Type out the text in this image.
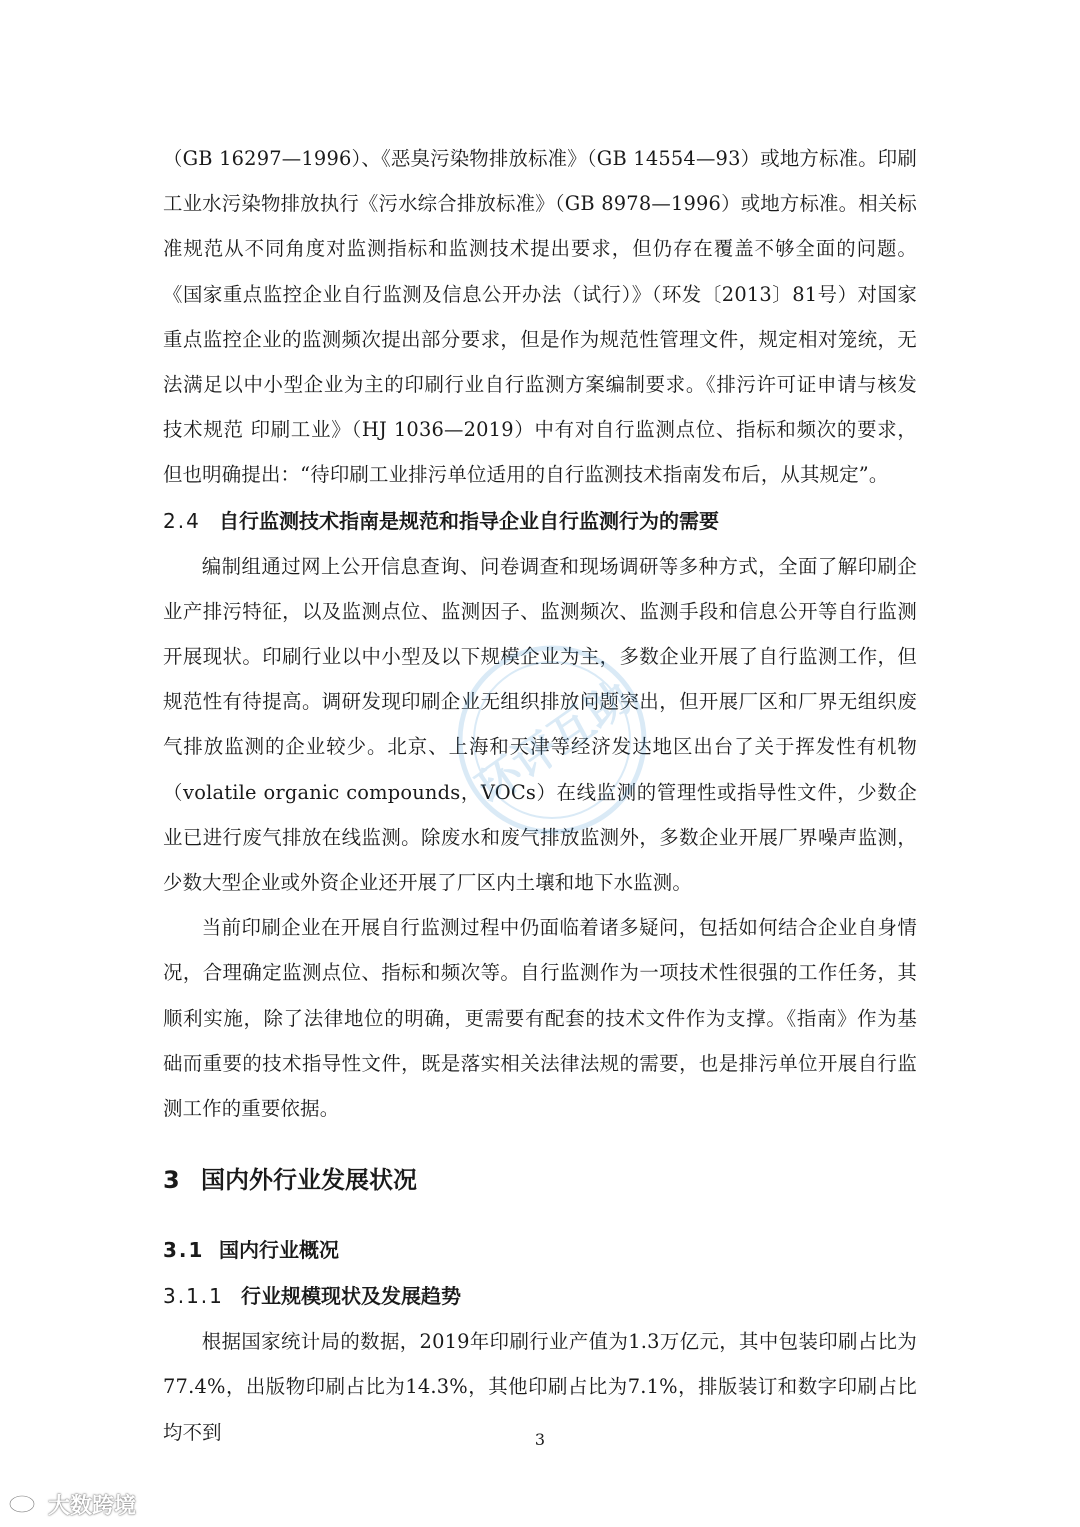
（GB 16297—1996）、《恶臭污染物排放标准》（GB 14554—93）或地方标准。印刷工业水污染物排放执行《污水综合排放标准》（GB 8978—1996）或地方标准。相关标准规范从不同角度对监测指标和监测技术提出要求，但仍存在覆盖不够全面的问题。《国家重点监控企业自行监测及信息公开办法（试行）》（环发〔2013〕81号）对国家重点监控企业的监测频次提出部分要求，但是作为规范性管理文件，规定相对笼统，无法满足以中小型企业为主的印刷行业自行监测方案编制要求。《排污许可证申请与核发技术规范 印刷工业》（HJ 1036—2019）中有对自行监测点位、指标和频次的要求，但也明确提出：“待印刷工业排污单位适用的自行监测技术指南发布后，从其规定”。

2.4 自行监测技术指南是规范和指导企业自行监测行为的需要

编制组通过网上公开信息查询、问卷调查和现场调研等多种方式，全面了解印刷企业产排污特征，以及监测点位、监测因子、监测频次、监测手段和信息公开等自行监测开展现状。印刷行业以中小型及以下规模企业为主，多数企业开展了自行监测工作，但规范性有待提高。调研发现印刷企业无组织排放问题突出，但开展厂区和厂界无组织废气排放监测的企业较少。北京、上海和天津等经济发达地区出台了关于挥发性有机物（volatile organic compounds，VOCs）在线监测的管理性或指导性文件，少数企业已进行废气排放在线监测。除废水和废气排放监测外，多数企业开展厂界噪声监测，少数大型企业或外资企业还开展了厂区内土壤和地下水监测。

当前印刷企业在开展自行监测过程中仍面临着诸多疑问，包括如何结合企业自身情况，合理确定监测点位、指标和频次等。自行监测作为一项技术性很强的工作任务，其顺利实施，除了法律地位的明确，更需要有配套的技术文件作为支撑。《指南》作为基础而重要的技术指导性文件，既是落实相关法律法规的需要，也是排污单位开展自行监测工作的重要依据。

3 国内外行业发展状况
3.1 国内行业概况
3.1.1 行业规模现状及发展趋势

根据国家统计局的数据，2019年印刷行业产值为1.3万亿元，其中包装印刷占比为77.4%，出版物印刷占比为14.3%，其他印刷占比为7.1%，排版装订和数字印刷占比均不到

环评互助
3
大数跨境
